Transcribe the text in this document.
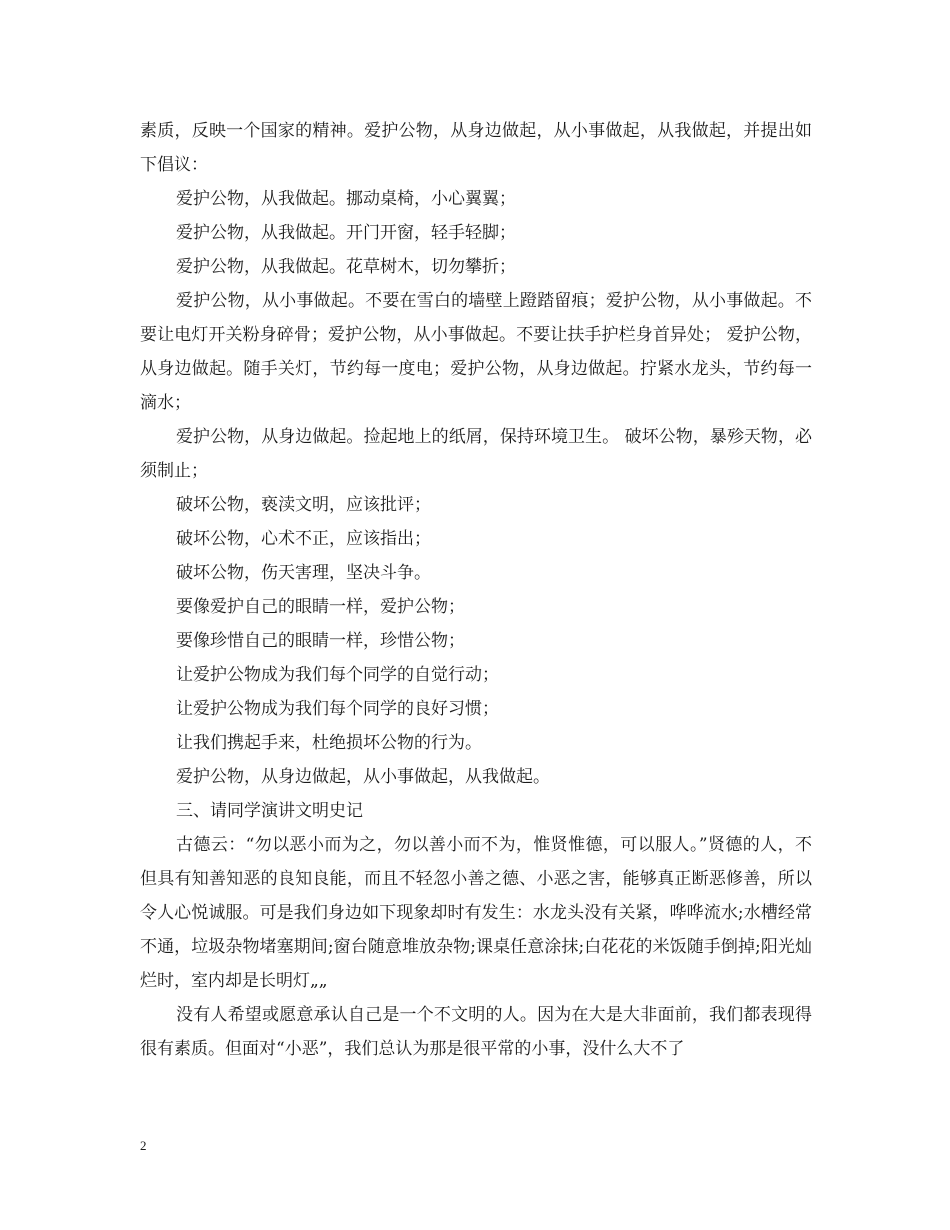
素质，反映一个国家的精神。爱护公物，从身边做起，从小事做起，从我做起，并提出如下倡议：

爱护公物，从我做起。挪动桌椅，小心翼翼；

爱护公物，从我做起。开门开窗，轻手轻脚；

爱护公物，从我做起。花草树木，切勿攀折；

爱护公物，从小事做起。不要在雪白的墙壁上蹬踏留痕；爱护公物，从小事做起。不要让电灯开关粉身碎骨；爱护公物，从小事做起。不要让扶手护栏身首异处； 爱护公物，从身边做起。随手关灯，节约每一度电；爱护公物，从身边做起。拧紧水龙头，节约每一滴水；

爱护公物，从身边做起。捡起地上的纸屑，保持环境卫生。 破坏公物，暴殄天物，必须制止；

破坏公物，亵渎文明，应该批评；

破坏公物，心术不正，应该指出；

破坏公物，伤天害理，坚决斗争。

要像爱护自己的眼睛一样，爱护公物；

要像珍惜自己的眼睛一样，珍惜公物；

让爱护公物成为我们每个同学的自觉行动；

让爱护公物成为我们每个同学的良好习惯；

让我们携起手来，杜绝损坏公物的行为。

爱护公物，从身边做起，从小事做起，从我做起。

三、请同学演讲文明史记

古德云：“勿以恶小而为之，勿以善小而不为，惟贤惟德，可以服人。”贤德的人，不但具有知善知恶的良知良能，而且不轻忽小善之德、小恶之害，能够真正断恶修善，所以令人心悦诚服。可是我们身边如下现象却时有发生：水龙头没有关紧，哗哗流水;水槽经常不通，垃圾杂物堵塞期间;窗台随意堆放杂物;课桌任意涂抹;白花花的米饭随手倒掉;阳光灿烂时，室内却是长明灯„„

没有人希望或愿意承认自己是一个不文明的人。因为在大是大非面前，我们都表现得很有素质。但面对“小恶”，我们总认为那是很平常的小事，没什么大不了

2
